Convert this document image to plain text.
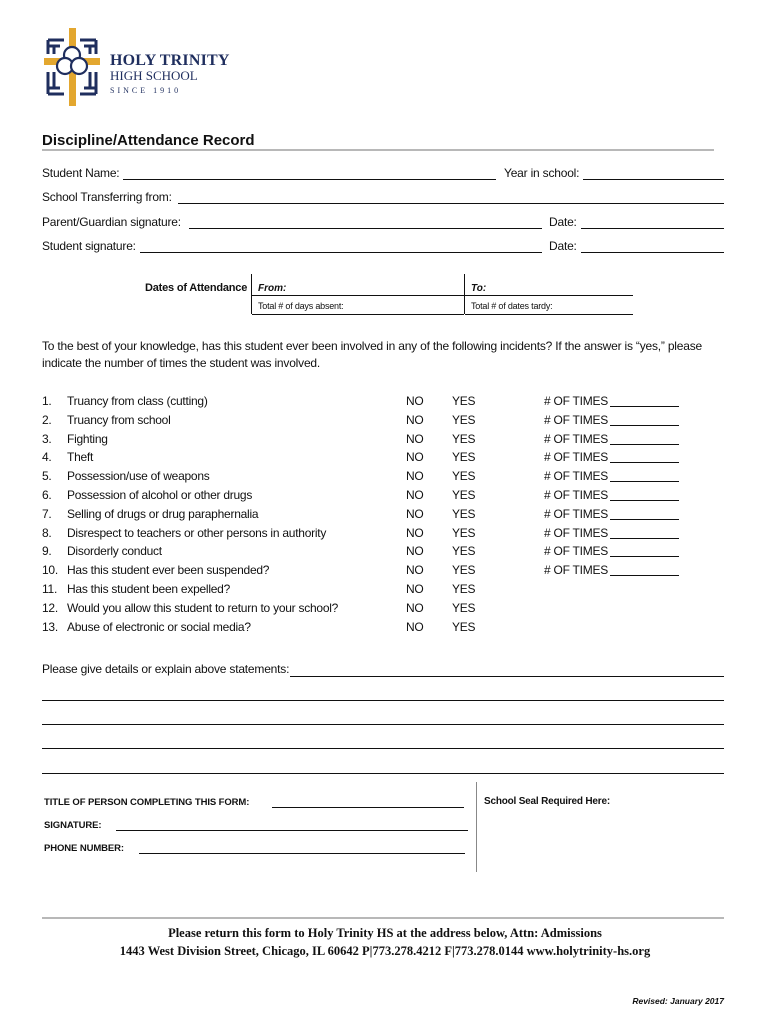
HOLY TRINITY
HIGH SCHOOL
SINCE 1910
Discipline/Attendance Record
Student Name:	Year in school:
School Transferring from:
Parent/Guardian signature:	Date:
Student signature:	Date:
Dates of Attendance From:	To:
Total # of days absent:	Total # of dates tardy:
To the best of your knowledge, has this student ever been involved in any of the following incidents? If the answer is “yes,” please indicate the number of times the student was involved.
1.	Truancy from class (cutting)	NO YES	# OF TIMES
2.	Truancy from school	NO YES	# OF TIMES
3.	Fighting	NO YES	# OF TIMES
4.	Theft	NO YES	# OF TIMES
5.	Possession/use of weapons	NO YES	# OF TIMES
6.	Possession of alcohol or other drugs	NO YES	# OF TIMES
7.	Selling of drugs or drug paraphernalia	NO YES	# OF TIMES
8.	Disrespect to teachers or other persons in authority	NO YES	# OF TIMES
9.	Disorderly conduct	NO YES	# OF TIMES
10. Has this student ever been suspended?	NO YES	# OF TIMES
11. Has this student been expelled?	NO YES
12. Would you allow this student to return to your school?	NO YES
13. Abuse of electronic or social media?	NO YES
Please give details or explain above statements:
TITLE OF PERSON COMPLETING THIS FORM:
SIGNATURE:
PHONE NUMBER:
School Seal Required Here:
Please return this form to Holy Trinity HS at the address below, Attn: Admissions
1443 West Division Street, Chicago, IL 60642 P|773.278.4212 F|773.278.0144 www.holytrinity-hs.org
Revised: January 2017
